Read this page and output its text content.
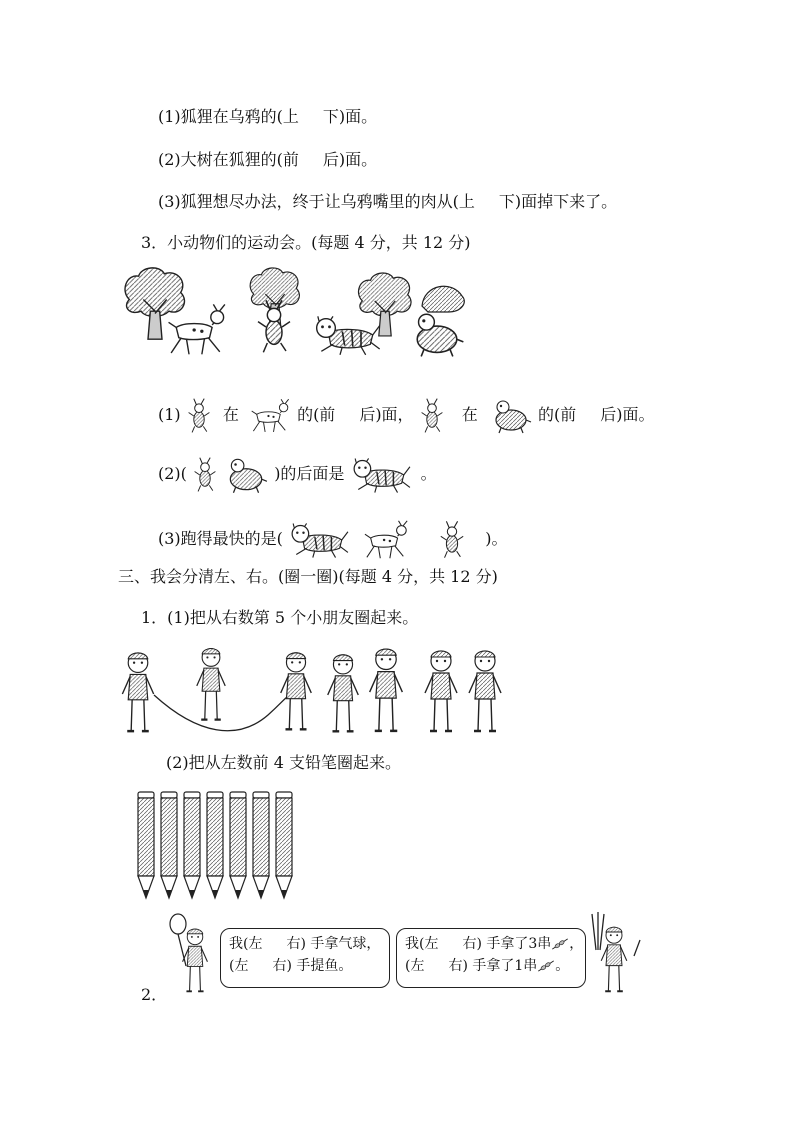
(1)狐狸在乌鸦的(上 下)面。
(2)大树在狐狸的(前 后)面。
(3)狐狸想尽办法，终于让乌鸦嘴里的肉从(上 下)面掉下来了。
3．小动物们的运动会。(每题 4 分，共 12 分)
(1)	在	的(前 后)面，	在	的(前 后)面。
(2)(	)的后面是	。
(3)跑得最快的是(	)。
三、我会分清左、右。(圈一圈)(每题 4 分，共 12 分)
1．(1)把从右数第 5 个小朋友圈起来。
(2)把从左数前 4 支铅笔圈起来。
2．
我(左 右) 手拿气球，
(左 右) 手提鱼。
我(左 右) 手拿了3串 ，
(左 右) 手拿了1串 。
